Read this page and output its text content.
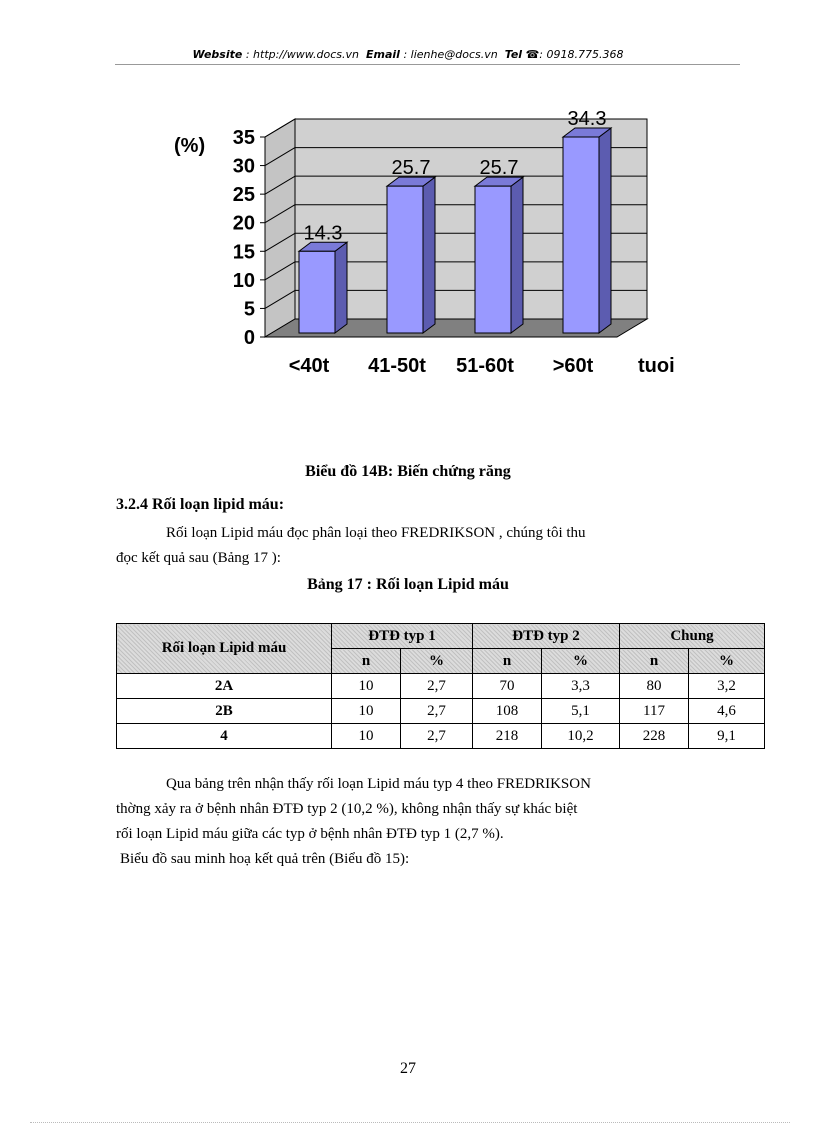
Website : http://www.docs.vn Email : lienhe@docs.vn Tel ☎: 0918.775.368
0
5
10
15
20
25
30
35
14.3
<40t
25.7
41-50t
25.7
51-60t
34.3
>60t
(%)
tuoi
Biểu đồ 14B: Biến chứng răng
3.2.4 Rối loạn lipid máu:
Rối loạn Lipid máu đọc phân loại theo FREDRIKSON , chúng tôi thu
đọc kết quả sau (Bảng 17 ):
Bảng 17 : Rối loạn Lipid máu
Rối loạn Lipid máu	ĐTĐ typ 1		ĐTĐ typ 2		Chung	
	n	%	n	%	n	%
2A	10	2,7	70	3,3	80	3,2
2B	10	2,7	108	5,1	117	4,6
4	10	2,7	218	10,2	228	9,1
Qua bảng trên nhận thấy rối loạn Lipid máu typ 4 theo FREDRIKSON
thờng xảy ra ở bệnh nhân ĐTĐ typ 2 (10,2 %), không nhận thấy sự khác biệt
rối loạn Lipid máu giữa các typ ở bệnh nhân ĐTĐ typ 1 (2,7 %).
Biểu đồ sau minh hoạ kết quả trên (Biểu đồ 15):
27
